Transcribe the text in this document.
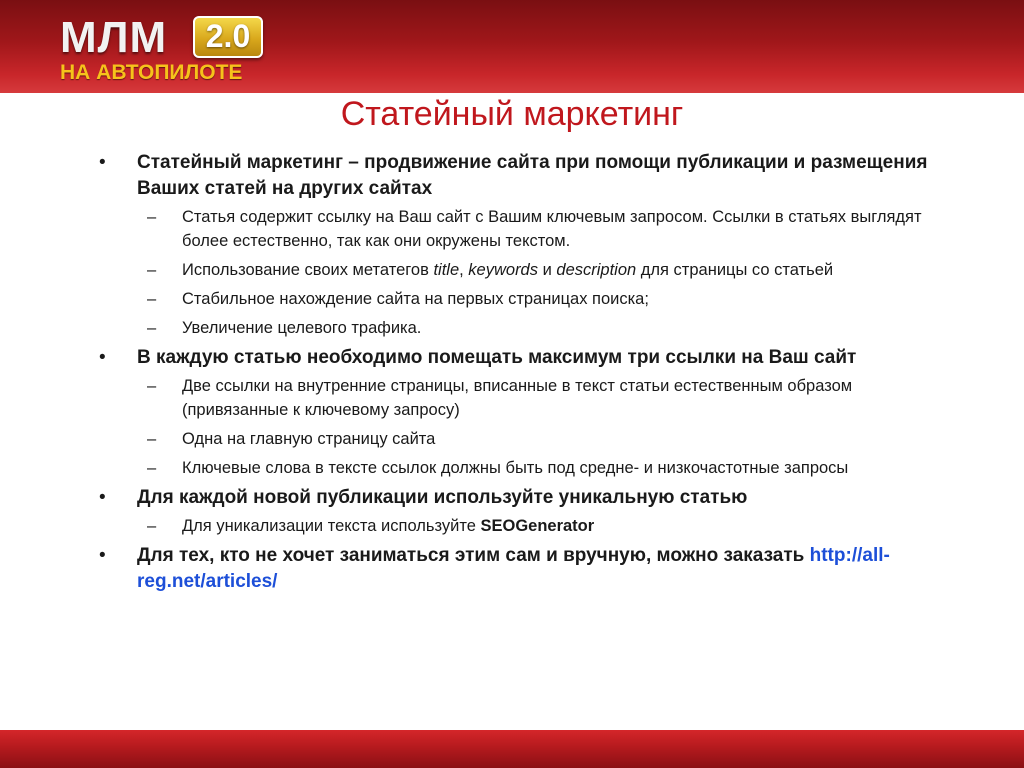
МЛМ	2.0
НА АВТОПИЛОТЕ
Статейный маркетинг
• Статейный маркетинг – продвижение сайта при помощи публикации и размещения Ваших статей на других сайтах
– Статья содержит ссылку на Ваш сайт с Вашим ключевым запросом. Ссылки в статьях выглядят более естественно, так как они окружены текстом.
– Использование своих метатегов title, keywords и description для страницы со статьей
– Стабильное нахождение сайта на первых страницах поиска;
– Увеличение целевого трафика.
• В каждую статью необходимо помещать максимум три ссылки на Ваш сайт
– Две ссылки на внутренние страницы, вписанные в текст статьи естественным образом (привязанные к ключевому запросу)
– Одна на главную страницу сайта
– Ключевые слова в тексте ссылок должны быть под средне- и низкочастотные запросы
• Для каждой новой публикации используйте уникальную статью
– Для уникализации текста используйте SEOGenerator
• Для тех, кто не хочет заниматься этим сам и вручную, можно заказать http://all-reg.net/articles/
